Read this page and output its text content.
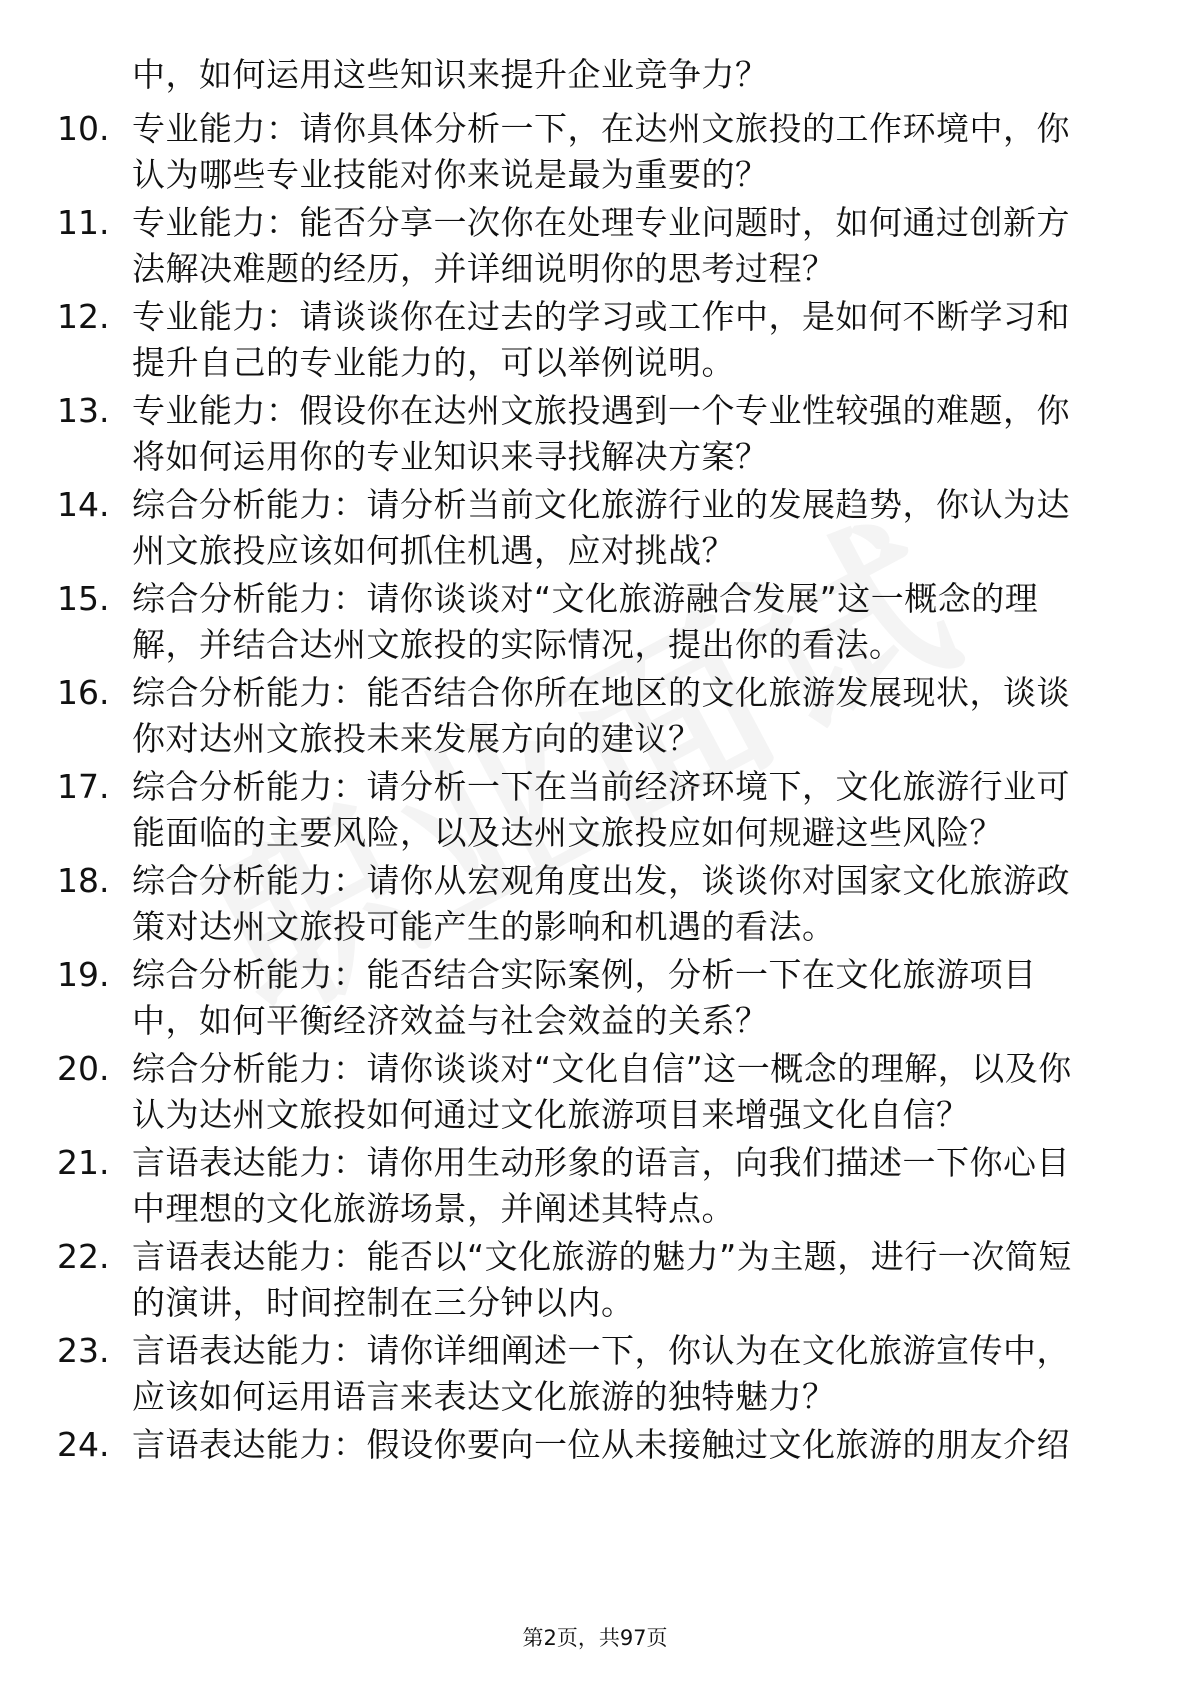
中，如何运用这些知识来提升企业竞争力？
10. 专业能力：请你具体分析一下，在达州文旅投的工作环境中，你
认为哪些专业技能对你来说是最为重要的？
11. 专业能力：能否分享一次你在处理专业问题时，如何通过创新方
法解决难题的经历，并详细说明你的思考过程？
12. 专业能力：请谈谈你在过去的学习或工作中，是如何不断学习和
提升自己的专业能力的，可以举例说明。
13. 专业能力：假设你在达州文旅投遇到一个专业性较强的难题，你
将如何运用你的专业知识来寻找解决方案？
14. 综合分析能力：请分析当前文化旅游行业的发展趋势，你认为达
州文旅投应该如何抓住机遇，应对挑战？
15. 综合分析能力：请你谈谈对“文化旅游融合发展”这一概念的理
解，并结合达州文旅投的实际情况，提出你的看法。
16. 综合分析能力：能否结合你所在地区的文化旅游发展现状，谈谈
你对达州文旅投未来发展方向的建议？
17. 综合分析能力：请分析一下在当前经济环境下，文化旅游行业可
能面临的主要风险，以及达州文旅投应如何规避这些风险？
18. 综合分析能力：请你从宏观角度出发，谈谈你对国家文化旅游政
策对达州文旅投可能产生的影响和机遇的看法。
19. 综合分析能力：能否结合实际案例，分析一下在文化旅游项目
中，如何平衡经济效益与社会效益的关系？
20. 综合分析能力：请你谈谈对“文化自信”这一概念的理解，以及你
认为达州文旅投如何通过文化旅游项目来增强文化自信？
21. 言语表达能力：请你用生动形象的语言，向我们描述一下你心目
中理想的文化旅游场景，并阐述其特点。
22. 言语表达能力：能否以“文化旅游的魅力”为主题，进行一次简短
的演讲，时间控制在三分钟以内。
23. 言语表达能力：请你详细阐述一下，你认为在文化旅游宣传中，
应该如何运用语言来表达文化旅游的独特魅力？
24. 言语表达能力：假设你要向一位从未接触过文化旅游的朋友介绍
第2页，共97页
